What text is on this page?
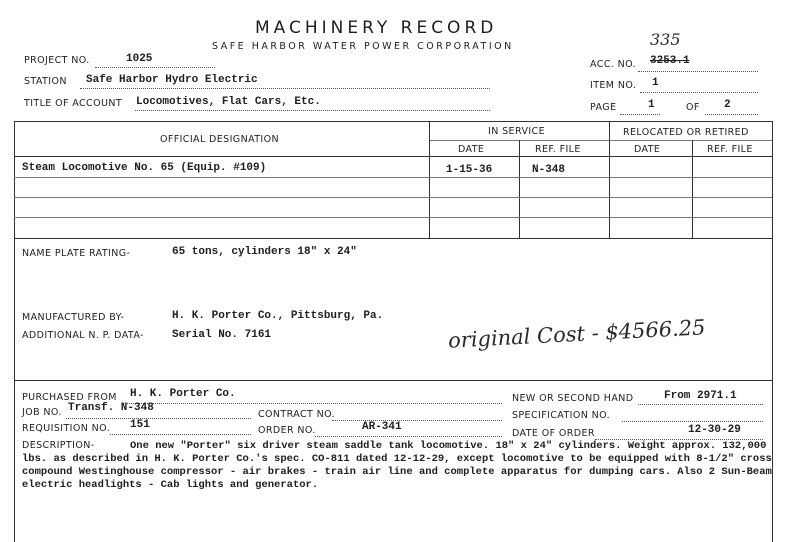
MACHINERY RECORD
SAFE HARBOR WATER POWER CORPORATION
PROJECT NO.	1025
STATION Safe Harbor Hydro Electric
TITLE OF ACCOUNT Locomotives, Flat Cars, Etc.
335
ACC. NO. 3253.1
ITEM NO. 1
PAGE	1	OF 2
OFFICIAL DESIGNATION
IN SERVICE	RELOCATED OR RETIRED
DATE	REF. FILE	DATE	REF. FILE
Steam Locomotive No. 65 (Equip. #109)	1-15-36	N-348
NAME PLATE RATING-	65 tons, cylinders 18" x 24"
MANUFACTURED BY-	H. K. Porter Co., Pittsburg, Pa.
ADDITIONAL N. P. DATA-	Serial No. 7161	original Cost - $4566.25
PURCHASED FROM H. K. Porter Co.	NEW OR SECOND HAND	From 2971.1
JOB NO. Transf. N-348
CONTRACT NO.	SPECIFICATION NO.
REQUISITION NO. 151	ORDER NO.	AR-341
DATE OF ORDER	12-30-29
DESCRIPTION-	One new "Porter" six driver steam saddle tank locomotive. 18" x 24" cylinders. Weight approx. 132,000 lbs. as described in H. K. Porter Co.'s spec. CO-811 dated 12-12-29, except locomotive to be equipped with 8-1/2" cross compound Westinghouse compressor - air brakes - train air line and complete apparatus for dumping cars. Also 2 Sun-Beam electric headlights - Cab lights and generator.
